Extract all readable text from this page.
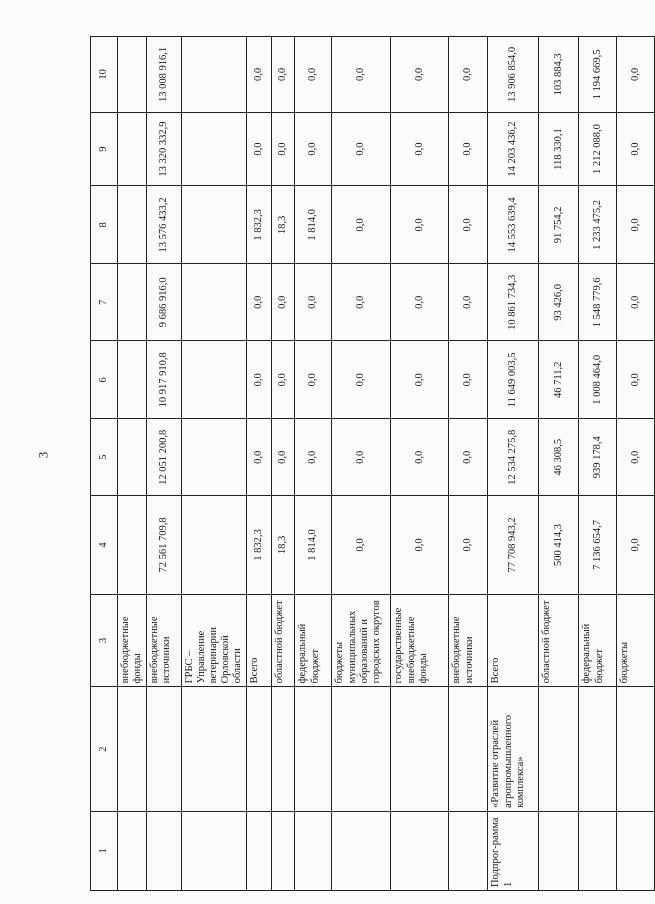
3
1	2	3	4	5	6	7	8	9	10
		внебюджетные фонды							
		внебюджетные источники	72 561 709,8	12 051 200,8	10 917 910,8	9 686 916,0	13 576 433,2	13 320 332,9	13 008 916,1
		ГРБС – Управление ветеринарии Орловской области							
		Всего	1 832,3	0,0	0,0	0,0	1 832,3	0,0	0,0
		областной бюджет	18,3	0,0	0,0	0,0	18,3	0,0	0,0
		федеральный бюджет	1 814,0	0,0	0,0	0,0	1 814,0	0,0	0,0
		бюджеты муниципальных образований и городских округов	0,0	0,0	0,0	0,0	0,0	0,0	0,0
		государственные внебюджетные фонды	0,0	0,0	0,0	0,0	0,0	0,0	0,0
		внебюджетные источники	0,0	0,0	0,0	0,0	0,0	0,0	0,0
Подпрог-рамма 1	«Развитие отраслей агропромышленного комплекса»	Всего	77 708 943,2	12 534 275,8	11 649 003,5	10 861 734,3	14 553 639,4	14 203 436,2	13 906 854,0
		областной бюджет	500 414,3	46 308,5	46 711,2	93 426,0	91 754,2	118 330,1	103 884,3
		федеральный бюджет	7 136 654,7	939 178,4	1 008 464,0	1 548 779,6	1 233 475,2	1 212 088,0	1 194 669,5
		бюджеты	0,0	0,0	0,0	0,0	0,0	0,0	0,0
